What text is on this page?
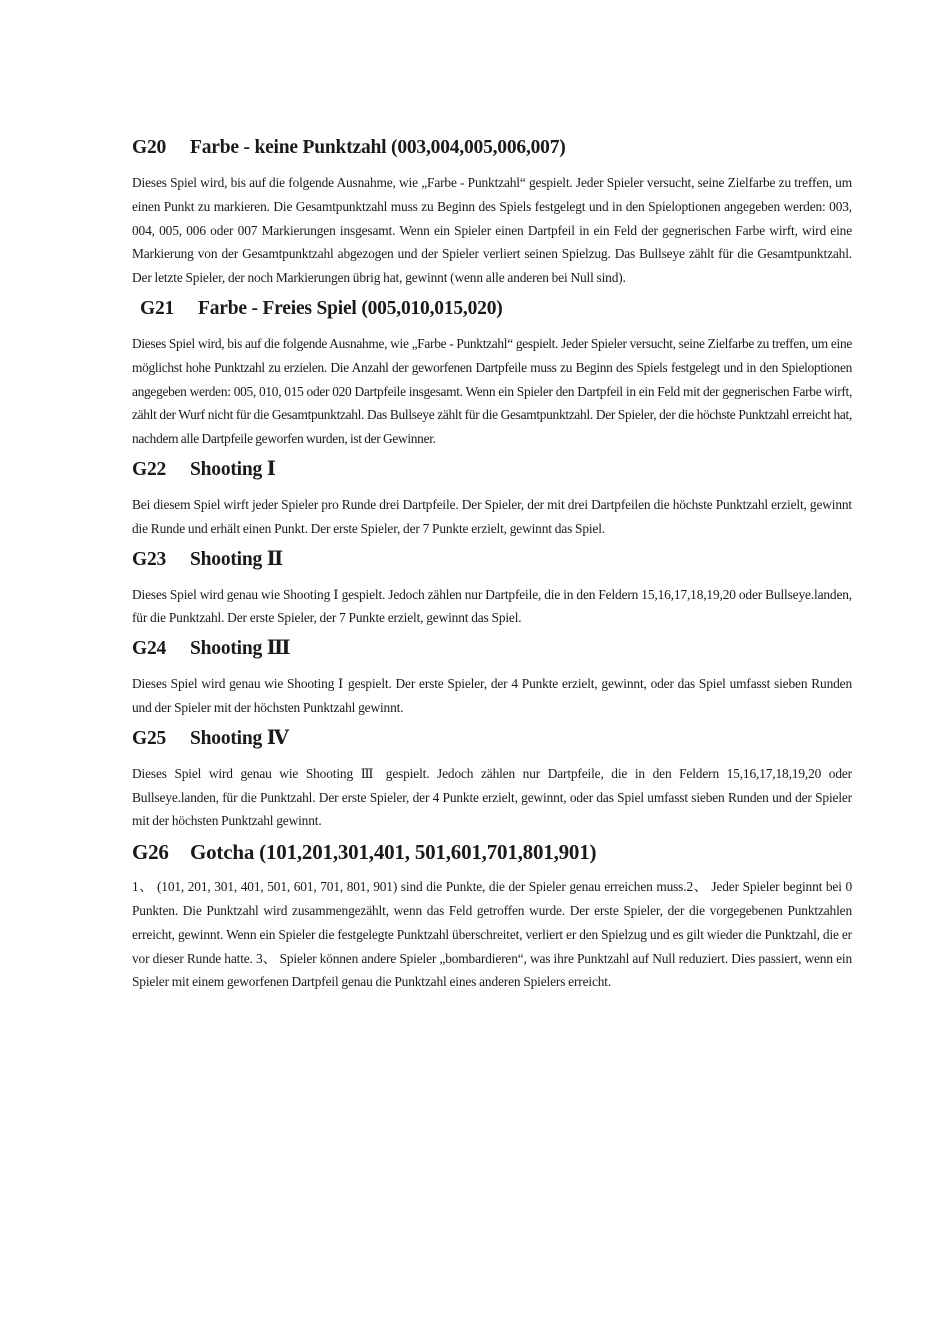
G20	Farbe - keine Punktzahl (003,004,005,006,007)

Dieses Spiel wird, bis auf die folgende Ausnahme, wie „Farbe - Punktzahl“ gespielt. Jeder Spieler versucht, seine Zielfarbe zu treffen, um einen Punkt zu markieren. Die Gesamtpunktzahl muss zu Beginn des Spiels festgelegt und in den Spieloptionen angegeben werden: 003, 004, 005, 006 oder 007 Markierungen insgesamt. Wenn ein Spieler einen Dartpfeil in ein Feld der gegnerischen Farbe wirft, wird eine Markierung von der Gesamtpunktzahl abgezogen und der Spieler verliert seinen Spielzug. Das Bullseye zählt für die Gesamtpunktzahl. Der letzte Spieler, der noch Markierungen übrig hat, gewinnt (wenn alle anderen bei Null sind).

G21	Farbe - Freies Spiel (005,010,015,020)

Dieses Spiel wird, bis auf die folgende Ausnahme, wie „Farbe - Punktzahl“ gespielt. Jeder Spieler versucht, seine Zielfarbe zu treffen, um eine möglichst hohe Punktzahl zu erzielen. Die Anzahl der geworfenen Dartpfeile muss zu Beginn des Spiels festgelegt und in den Spieloptionen angegeben werden: 005, 010, 015 oder 020 Dartpfeile insgesamt. Wenn ein Spieler den Dartpfeil in ein Feld mit der gegnerischen Farbe wirft, zählt der Wurf nicht für die Gesamtpunktzahl. Das Bullseye zählt für die Gesamtpunktzahl. Der Spieler, der die höchste Punktzahl erreicht hat, nachdem alle Dartpfeile geworfen wurden, ist der Gewinner.

G22	Shooting Ⅰ

Bei diesem Spiel wirft jeder Spieler pro Runde drei Dartpfeile. Der Spieler, der mit drei Dartpfeilen die höchste Punktzahl erzielt, gewinnt die Runde und erhält einen Punkt. Der erste Spieler, der 7 Punkte erzielt, gewinnt das Spiel.

G23	Shooting Ⅱ

Dieses Spiel wird genau wie Shooting Ⅰ gespielt. Jedoch zählen nur Dartpfeile, die in den Feldern 15,16,17,18,19,20 oder Bullseye.landen, für die Punktzahl. Der erste Spieler, der 7 Punkte erzielt, gewinnt das Spiel.

G24	Shooting Ⅲ

Dieses Spiel wird genau wie Shooting Ⅰ gespielt. Der erste Spieler, der 4 Punkte erzielt, gewinnt, oder das Spiel umfasst sieben Runden und der Spieler mit der höchsten Punktzahl gewinnt.

G25	Shooting Ⅳ

Dieses Spiel wird genau wie Shooting Ⅲ gespielt. Jedoch zählen nur Dartpfeile, die in den Feldern 15,16,17,18,19,20 oder Bullseye.landen, für die Punktzahl. Der erste Spieler, der 4 Punkte erzielt, gewinnt, oder das Spiel umfasst sieben Runden und der Spieler mit der höchsten Punktzahl gewinnt.

G26	Gotcha (101,201,301,401, 501,601,701,801,901)

1、 (101, 201, 301, 401, 501, 601, 701, 801, 901) sind die Punkte, die der Spieler genau erreichen muss.2、 Jeder Spieler beginnt bei 0 Punkten. Die Punktzahl wird zusammengezählt, wenn das Feld getroffen wurde. Der erste Spieler, der die vorgegebenen Punktzahlen erreicht, gewinnt. Wenn ein Spieler die festgelegte Punktzahl überschreitet, verliert er den Spielzug und es gilt wieder die Punktzahl, die er vor dieser Runde hatte. 3、 Spieler können andere Spieler „bombardieren“, was ihre Punktzahl auf Null reduziert. Dies passiert, wenn ein Spieler mit einem geworfenen Dartpfeil genau die Punktzahl eines anderen Spielers erreicht.
